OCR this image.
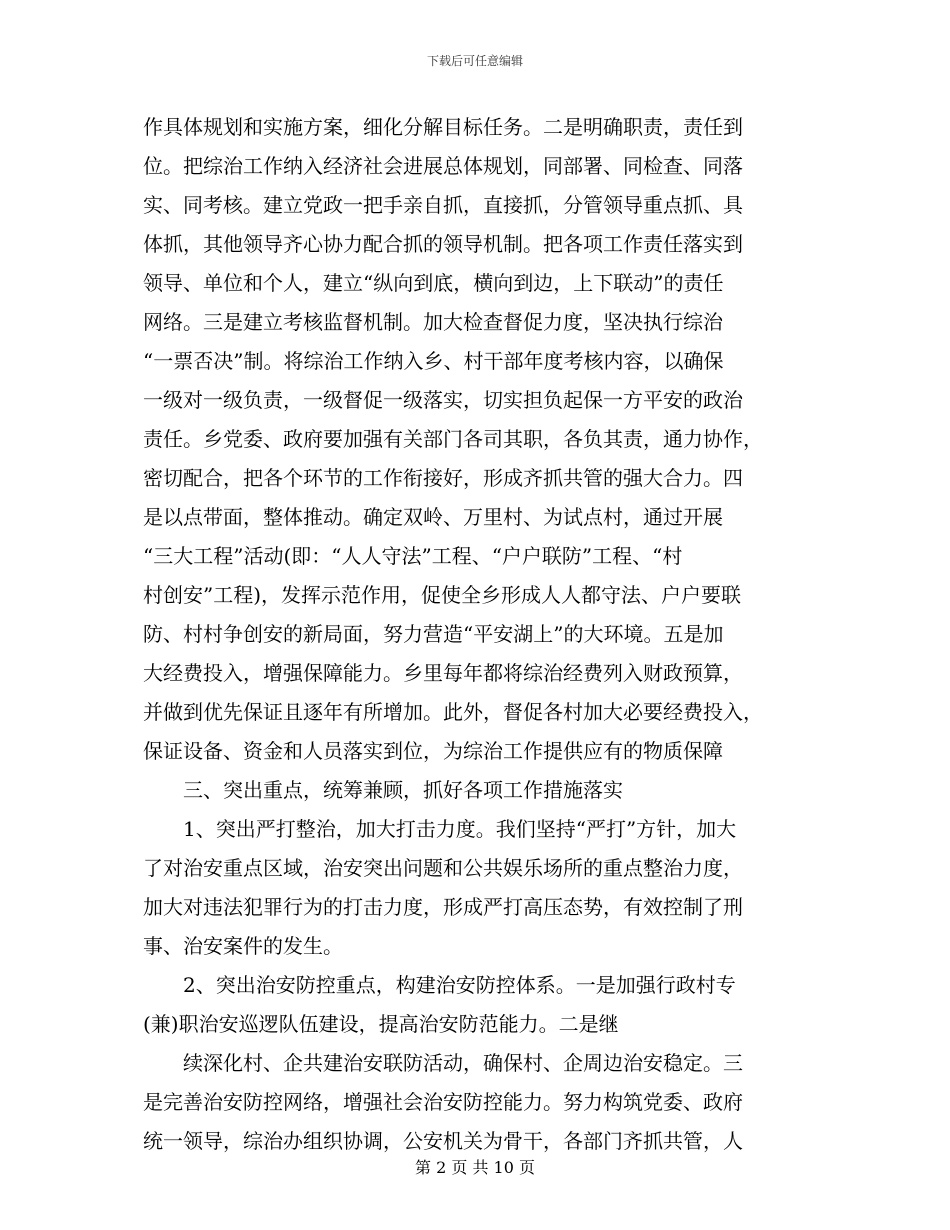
下载后可任意编辑
作具体规划和实施方案，细化分解目标任务。二是明确职责，责任到
位。把综治工作纳入经济社会进展总体规划，同部署、同检查、同落
实、同考核。建立党政一把手亲自抓，直接抓，分管领导重点抓、具
体抓，其他领导齐心协力配合抓的领导机制。把各项工作责任落实到
领导、单位和个人，建立“纵向到底，横向到边，上下联动”的责任
网络。三是建立考核监督机制。加大检查督促力度，坚决执行综治
“一票否决”制。将综治工作纳入乡、村干部年度考核内容，以确保
一级对一级负责，一级督促一级落实，切实担负起保一方平安的政治
责任。乡党委、政府要加强有关部门各司其职，各负其责，通力协作，
密切配合，把各个环节的工作衔接好，形成齐抓共管的强大合力。四
是以点带面，整体推动。确定双岭、万里村、为试点村，通过开展
“三大工程”活动(即：“人人守法”工程、“户户联防”工程、“村
村创安”工程)，发挥示范作用，促使全乡形成人人都守法、户户要联
防、村村争创安的新局面，努力营造“平安湖上”的大环境。五是加
大经费投入，增强保障能力。乡里每年都将综治经费列入财政预算，
并做到优先保证且逐年有所增加。此外，督促各村加大必要经费投入，
保证设备、资金和人员落实到位，为综治工作提供应有的物质保障
三、突出重点，统筹兼顾，抓好各项工作措施落实
1、突出严打整治，加大打击力度。我们坚持“严打”方针，加大
了对治安重点区域，治安突出问题和公共娱乐场所的重点整治力度，
加大对违法犯罪行为的打击力度，形成严打高压态势，有效控制了刑
事、治安案件的发生。
2、突出治安防控重点，构建治安防控体系。一是加强行政村专
(兼)职治安巡逻队伍建设，提高治安防范能力。二是继
续深化村、企共建治安联防活动，确保村、企周边治安稳定。三
是完善治安防控网络，增强社会治安防控能力。努力构筑党委、政府
统一领导，综治办组织协调，公安机关为骨干，各部门齐抓共管，人
第 2 页 共 10 页
